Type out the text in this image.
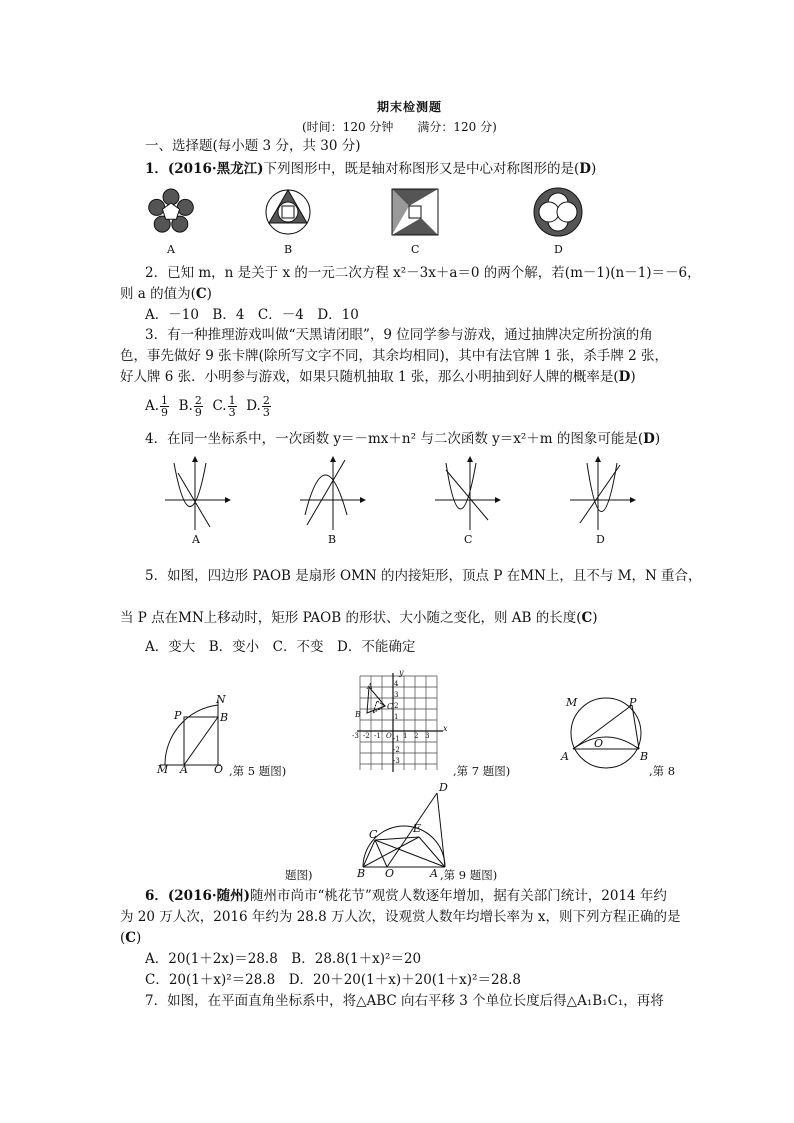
期末检测题
(时间：120 分钟　　满分：120 分)
一、选择题(每小题 3 分，共 30 分)
1．(2016·黑龙江)下列图形中，既是轴对称图形又是中心对称图形的是(D)
A	B	C	D
2．已知 m，n 是关于 x 的一元二次方程 x²－3x＋a＝0 的两个解，若(m－1)(n－1)＝－6，
则 a 的值为(C)
A．－10　B．4　C．－4　D．10
3．有一种推理游戏叫做“天黑请闭眼”，9 位同学参与游戏，通过抽牌决定所扮演的角
色，事先做好 9 张卡牌(除所写文字不同，其余均相同)，其中有法官牌 1 张，杀手牌 2 张，
好人牌 6 张．小明参与游戏，如果只随机抽取 1 张，那么小明抽到好人牌的概率是(D)
A. $\frac{1}{9} B$. $\frac{2}{9} C$. $\frac{1}{3} D$. $\frac{2}{3}$
4．在同一坐标系中，一次函数 y＝－mx＋n² 与二次函数 y＝x²＋m 的图象可能是(D)
A	B	C	D
5．如图，四边形 PAOB 是扇形 OMN 的内接矩形，顶点 P 在MN上，且不与 M，N 重合，
当 P 点在MN上移动时，矩形 PAOB 的形状、大小随之变化，则 AB 的长度(C)
A．变大　B．变小　C．不变　D．不能确定
N
P	B
M A O ,第 5 题图)
A
B
C
y
x
-3 -2 -1	1 2 3
4
3
2
1
-1
-2
-3
O
,第 7 题图)
M	P
O
A	B
,第 8
题图)
D
C	E
B O	A ,第 9 题图)
6．(2016·随州)随州市尚市“桃花节”观赏人数逐年增加，据有关部门统计，2014 年约
为 20 万人次，2016 年约为 28.8 万人次，设观赏人数年均增长率为 x，则下列方程正确的是
(C)
A．20(1＋2x)＝28.8　B．28.8(1＋x)²＝20
C．20(1＋x)²＝28.8　D．20＋20(1＋x)＋20(1＋x)²＝28.8
7．如图，在平面直角坐标系中，将△ABC 向右平移 3 个单位长度后得△A₁B₁C₁，再将
